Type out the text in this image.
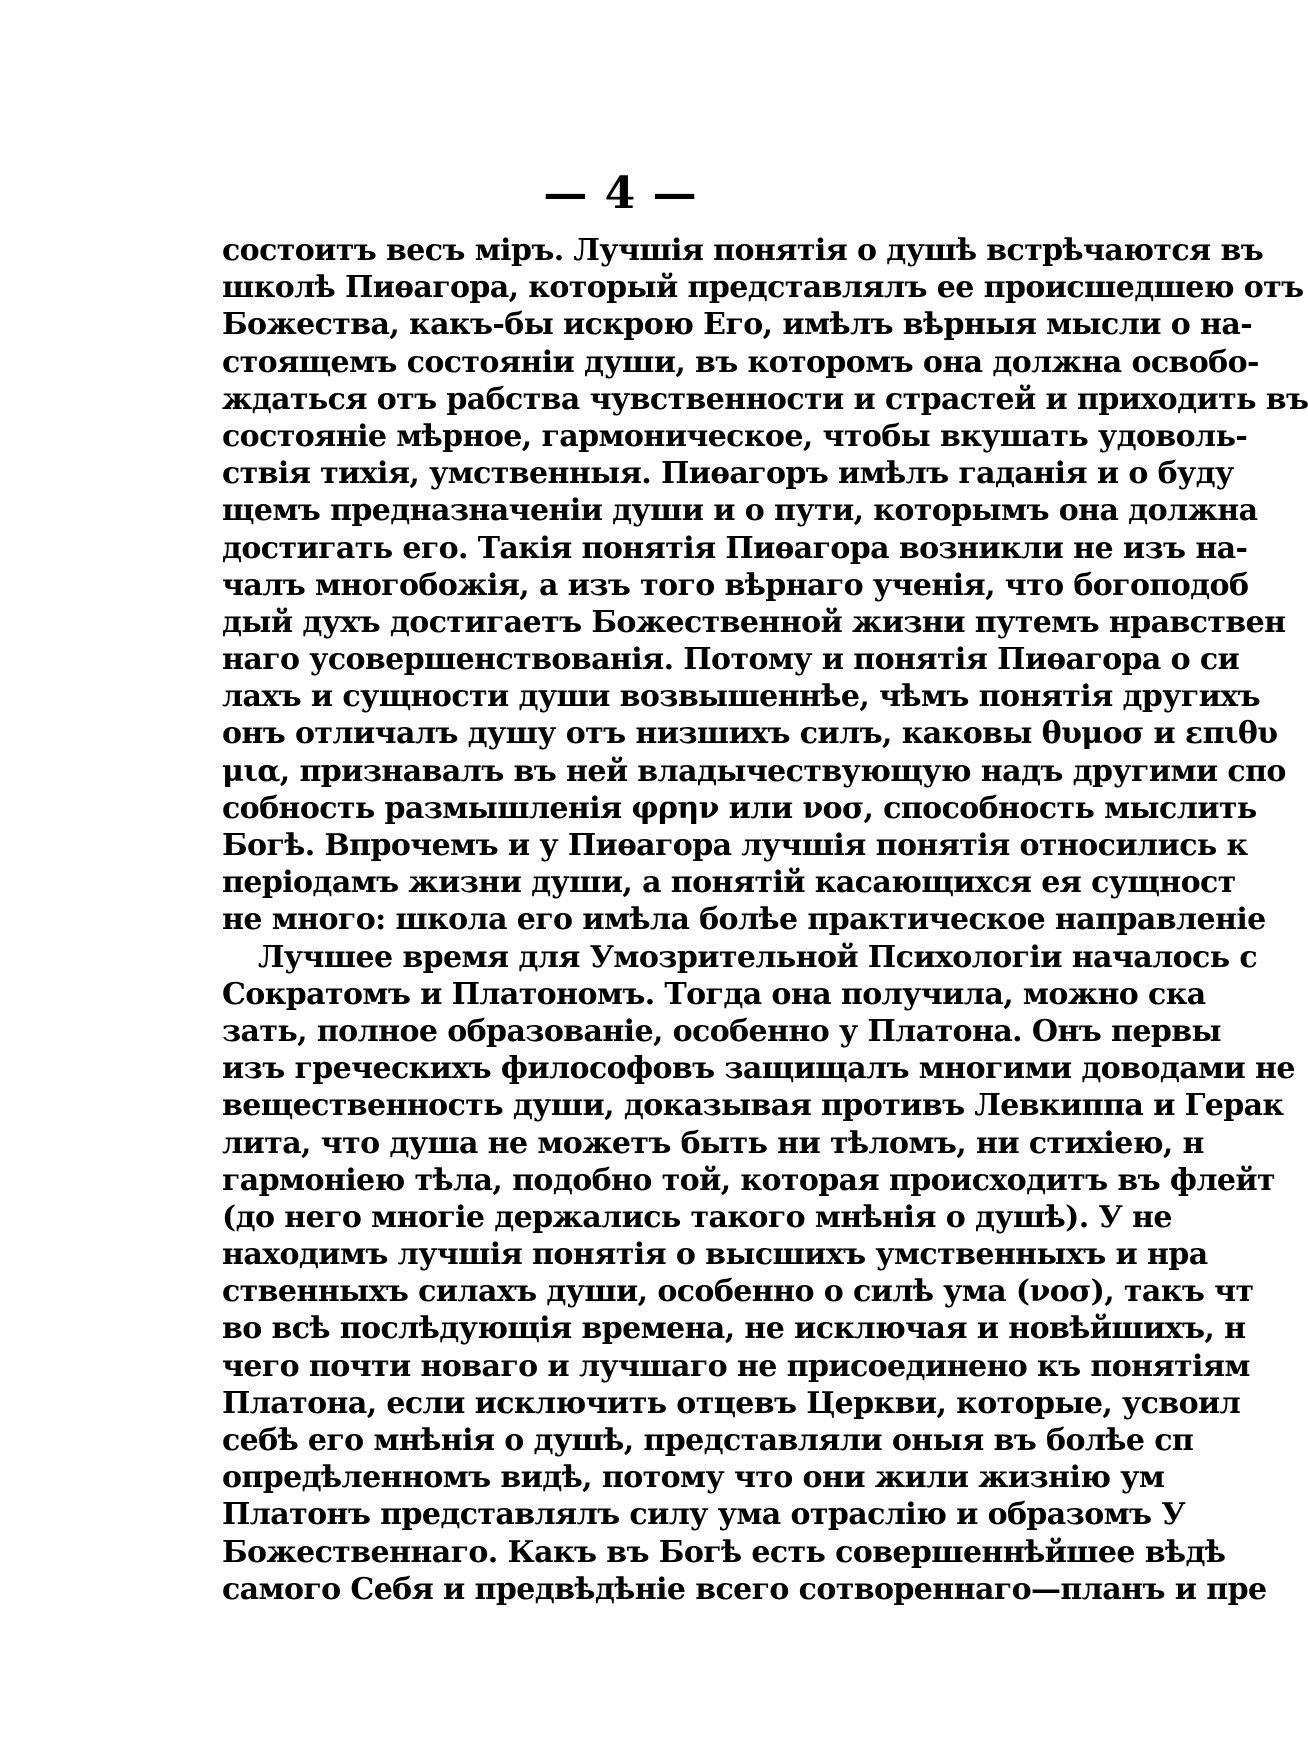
— 4 —
состоитъ весъ міръ. Лучшія понятія о душѣ встрѣчаются въ
школѣ Пиѳагора, который представлялъ ее происшедшею отъ
Божества, какъ-бы искрою Его, имѣлъ вѣрныя мысли о на-
стоящемъ состояніи души, въ которомъ она должна освобо-
ждаться отъ рабства чувственности и страстей и приходить въ
состояніе мѣрное, гармоническое, чтобы вкушать удоволь-
ствія тихія, умственныя. Пиѳагоръ имѣлъ гаданія и о буду
щемъ предназначеніи души и о пути, которымъ она должна
достигать его. Такія понятія Пиѳагора возникли не изъ на-
чалъ многобожія, а изъ того вѣрнаго ученія, что богоподоб
дый духъ достигаетъ Божественной жизни путемъ нравствен
наго усовершенствованія. Потому и понятія Пиѳагора о си
лахъ и сущности души возвышеннѣе, чѣмъ понятія другихъ
онъ отличалъ душу отъ низшихъ силъ, каковы θυμοσ и επιθυ
μια, признавалъ въ ней владычествующую надъ другими спо
собность размышленія φρην или νοσ, способность мыслить
Богѣ. Впрочемъ и у Пиѳагора лучшія понятія относились к
періодамъ жизни души, а понятій касающихся ея сущност
не много: школа его имѣла болѣе практическое направленіе
Лучшее время для Умозрительной Психологіи началось с
Сократомъ и Платономъ. Тогда она получила, можно ска
зать, полное образованіе, особенно у Платона. Онъ первы
изъ греческихъ философовъ защищалъ многими доводами не
вещественность души, доказывая противъ Левкиппа и Герак
лита, что душа не можетъ быть ни тѣломъ, ни стихіею, н
гармоніею тѣла, подобно той, которая происходитъ въ флейт
(до него многіе держались такого мнѣнія о душѣ). У не
находимъ лучшія понятія о высшихъ умственныхъ и нра
ственныхъ силахъ души, особенно о силѣ ума (νοσ), такъ чт
во всѣ послѣдующія времена, не исключая и новѣйшихъ, н
чего почти новаго и лучшаго не присоединено къ понятіям
Платона, если исключить отцевъ Церкви, которые, усвоил
себѣ его мнѣнія о душѣ, представляли оныя въ болѣе сп
опредѣленномъ видѣ, потому что они жили жизнію ум
Платонъ представлялъ силу ума отраслію и образомъ У
Божественнаго. Какъ въ Богѣ есть совершеннѣйшее вѣдѣ
самого Себя и предвѣдѣніе всего сотвореннаго—планъ и пре
